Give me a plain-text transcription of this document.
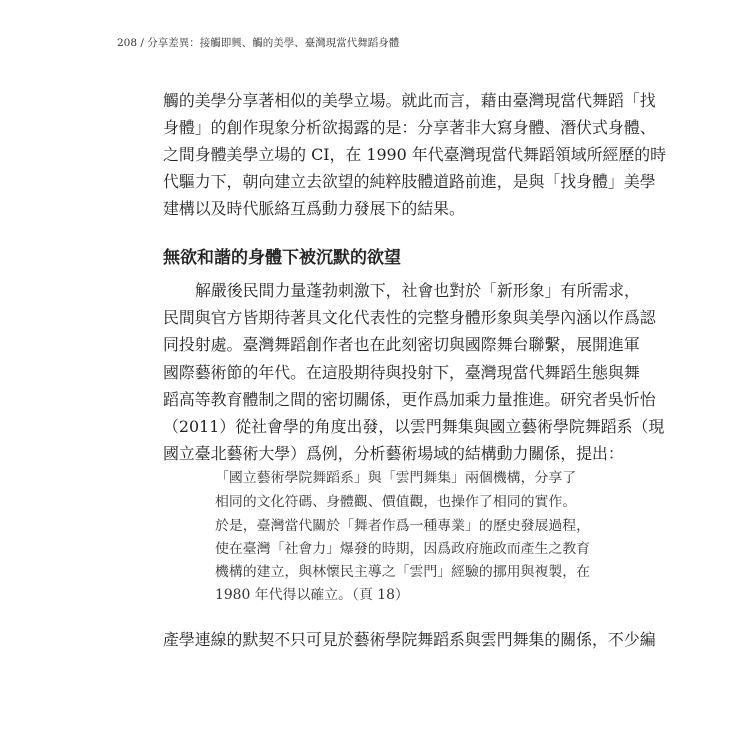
208 / 分享差異：接觸即興、觸的美學、臺灣現當代舞蹈身體
觸的美學分享著相似的美學立場。就此而言，藉由臺灣現當代舞蹈「找
身體」的創作現象分析欲揭露的是：分享著非大寫身體、潛伏式身體、
之間身體美學立場的 CI，在 1990 年代臺灣現當代舞蹈領域所經歷的時
代驅力下，朝向建立去欲望的純粹肢體道路前進，是與「找身體」美學
建構以及時代脈絡互爲動力發展下的結果。
無欲和諧的身體下被沉默的欲望
解嚴後民間力量蓬勃刺激下，社會也對於「新形象」有所需求，
民間與官方皆期待著具文化代表性的完整身體形象與美學內涵以作爲認
同投射處。臺灣舞蹈創作者也在此刻密切與國際舞台聯繫，展開進軍
國際藝術節的年代。在這股期待與投射下，臺灣現當代舞蹈生態與舞
蹈高等教育體制之間的密切關係，更作爲加乘力量推進。研究者吳忻怡
（2011）從社會學的角度出發，以雲門舞集與國立藝術學院舞蹈系（現
國立臺北藝術大學）爲例，分析藝術場域的結構動力關係，提出：
「國立藝術學院舞蹈系」與「雲門舞集」兩個機構，分享了
相同的文化符碼、身體觀、價值觀，也操作了相同的實作。
於是，臺灣當代關於「舞者作爲一種專業」的歷史發展過程，
使在臺灣「社會力」爆發的時期，因爲政府施政而產生之教育
機構的建立，與林懷民主導之「雲門」經驗的挪用與複製，在
1980 年代得以確立。（頁 18）
產學連線的默契不只可見於藝術學院舞蹈系與雲門舞集的關係，不少編
